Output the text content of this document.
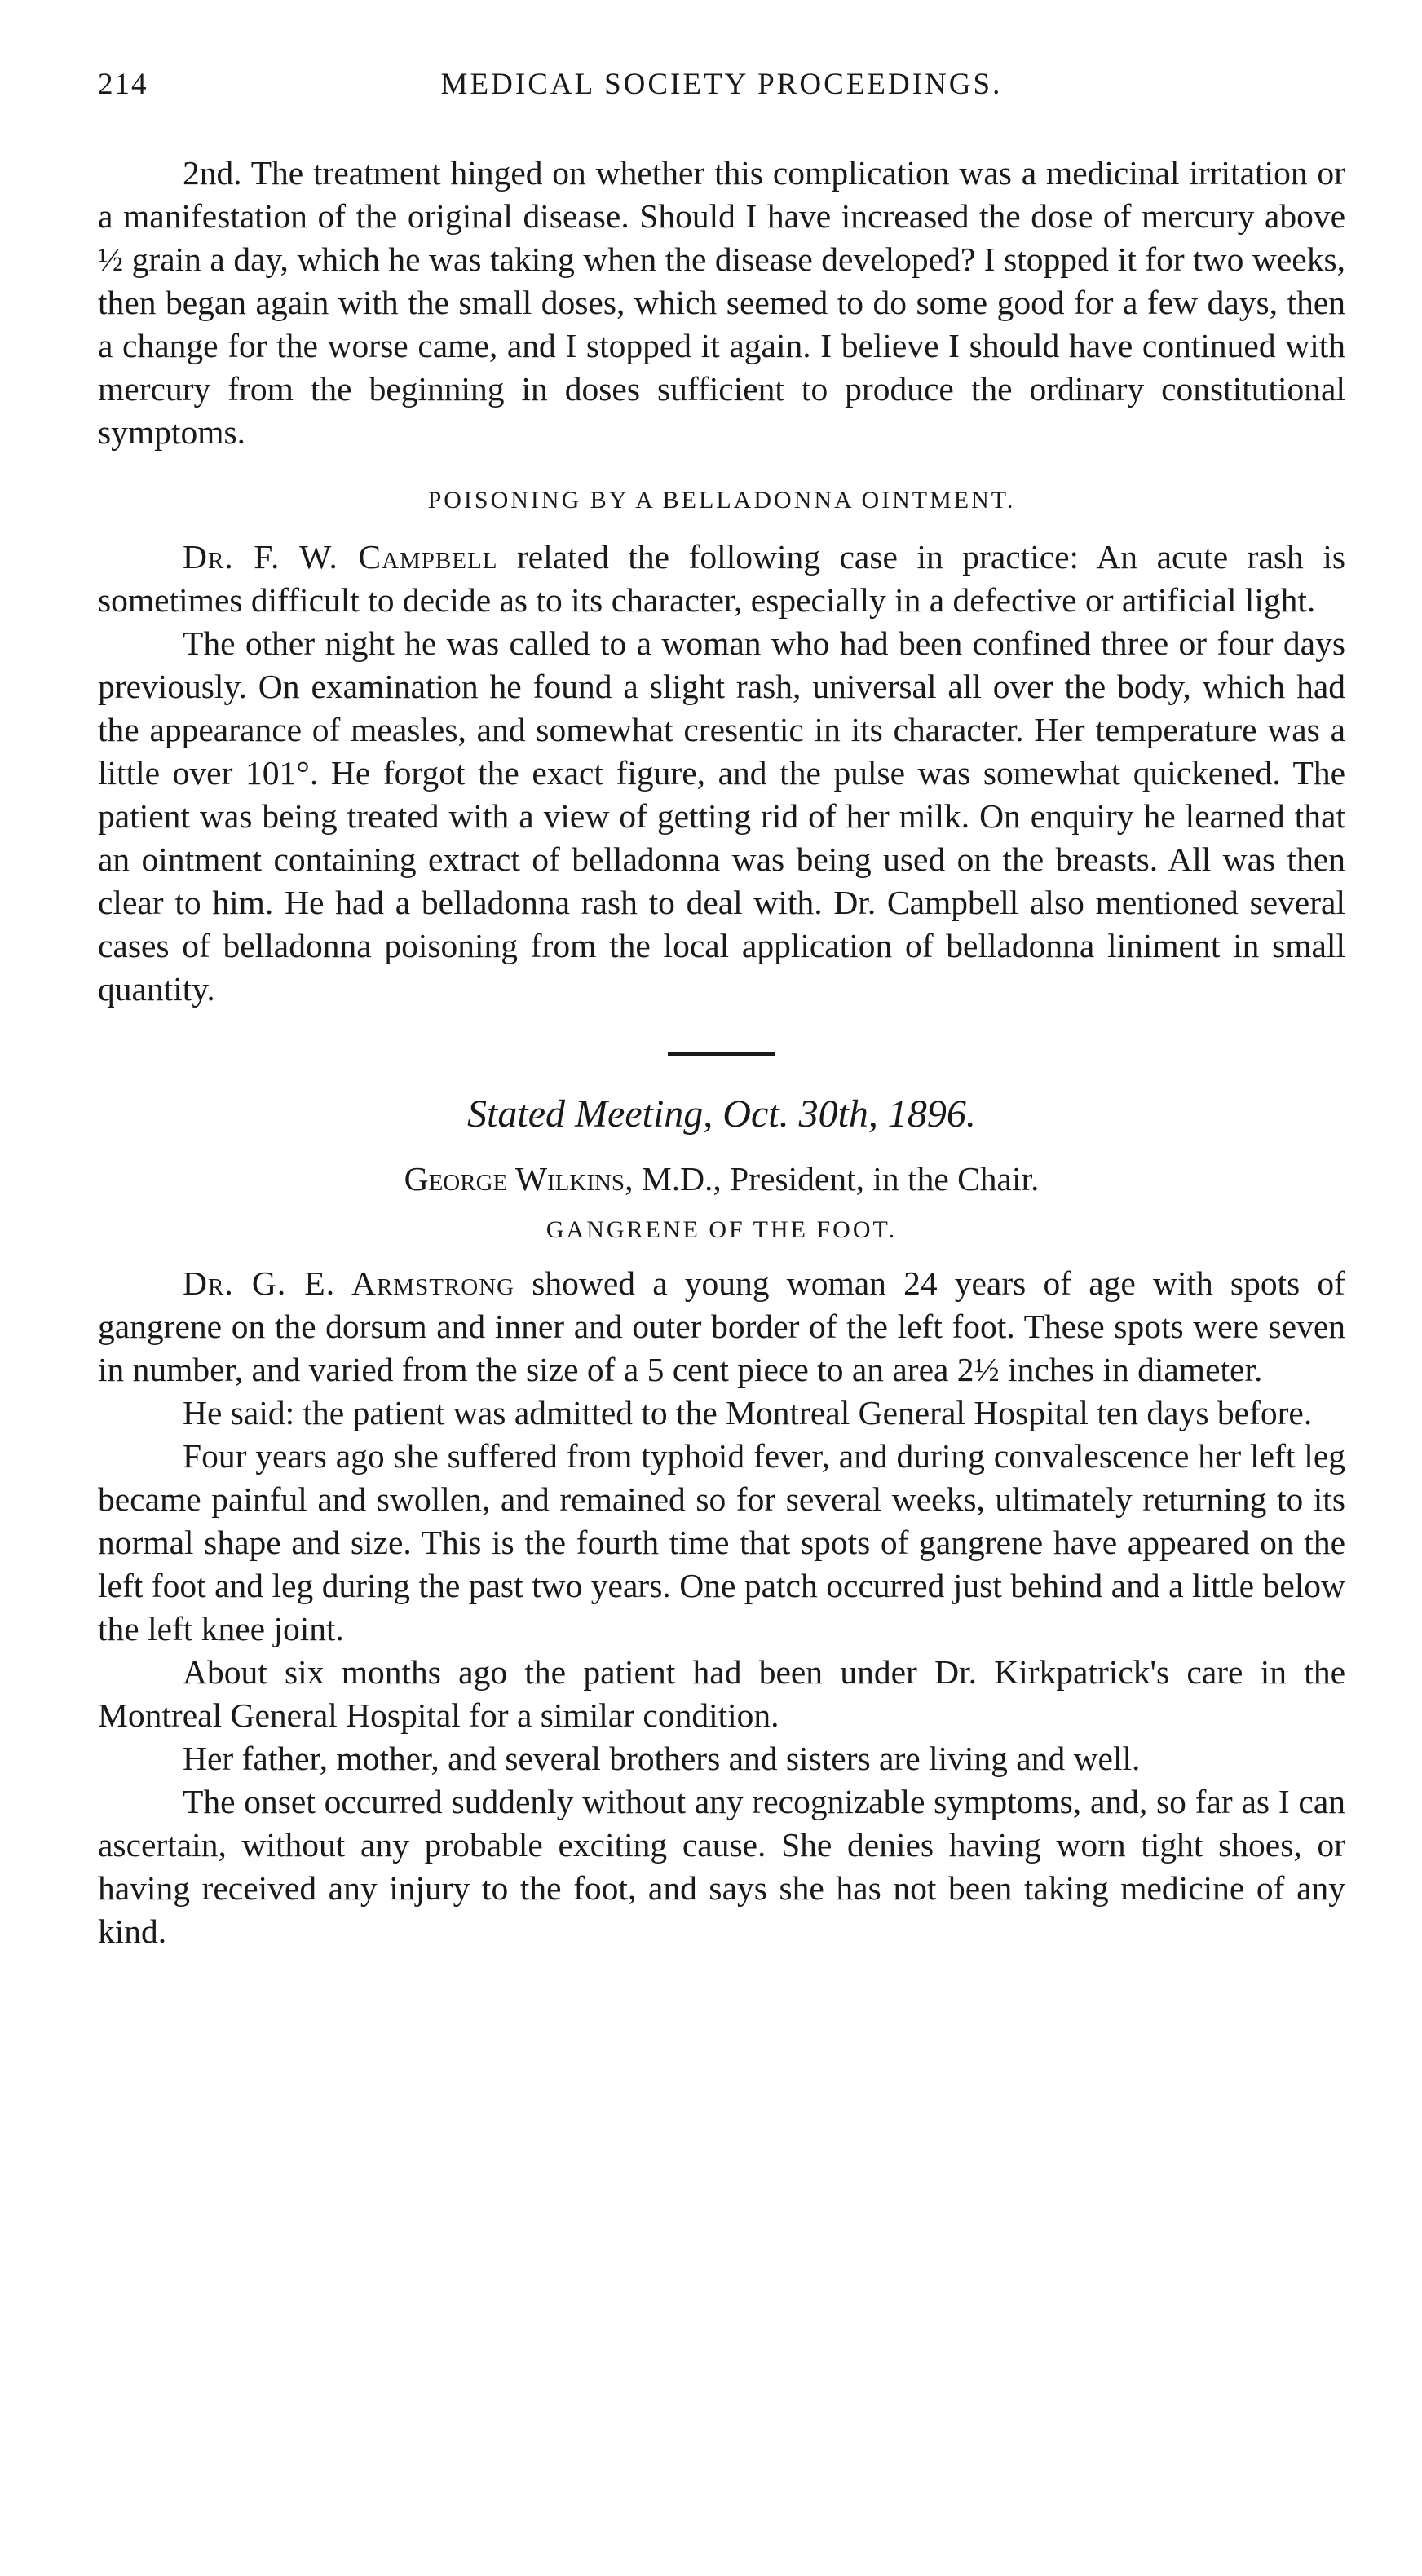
214	MEDICAL SOCIETY PROCEEDINGS.

2nd. The treatment hinged on whether this complication was a medicinal irritation or a manifestation of the original disease. Should I have increased the dose of mercury above ½ grain a day, which he was taking when the disease developed? I stopped it for two weeks, then began again with the small doses, which seemed to do some good for a few days, then a change for the worse came, and I stopped it again. I believe I should have continued with mercury from the beginning in doses sufficient to produce the ordinary constitutional symptoms.

POISONING BY A BELLADONNA OINTMENT.

Dr. F. W. Campbell related the following case in practice: An acute rash is sometimes difficult to decide as to its character, especially in a defective or artificial light.

The other night he was called to a woman who had been confined three or four days previously. On examination he found a slight rash, universal all over the body, which had the appearance of measles, and somewhat cresentic in its character. Her temperature was a little over 101°. He forgot the exact figure, and the pulse was somewhat quickened. The patient was being treated with a view of getting rid of her milk. On enquiry he learned that an ointment containing extract of belladonna was being used on the breasts. All was then clear to him. He had a belladonna rash to deal with. Dr. Campbell also mentioned several cases of belladonna poisoning from the local application of belladonna liniment in small quantity.

Stated Meeting, Oct. 30th, 1896.

George Wilkins, M.D., President, in the Chair.

GANGRENE OF THE FOOT.

Dr. G. E. Armstrong showed a young woman 24 years of age with spots of gangrene on the dorsum and inner and outer border of the left foot. These spots were seven in number, and varied from the size of a 5 cent piece to an area 2½ inches in diameter.

He said: the patient was admitted to the Montreal General Hospital ten days before.

Four years ago she suffered from typhoid fever, and during convalescence her left leg became painful and swollen, and remained so for several weeks, ultimately returning to its normal shape and size. This is the fourth time that spots of gangrene have appeared on the left foot and leg during the past two years. One patch occurred just behind and a little below the left knee joint.

About six months ago the patient had been under Dr. Kirkpatrick's care in the Montreal General Hospital for a similar condition.

Her father, mother, and several brothers and sisters are living and well.

The onset occurred suddenly without any recognizable symptoms, and, so far as I can ascertain, without any probable exciting cause. She denies having worn tight shoes, or having received any injury to the foot, and says she has not been taking medicine of any kind.
